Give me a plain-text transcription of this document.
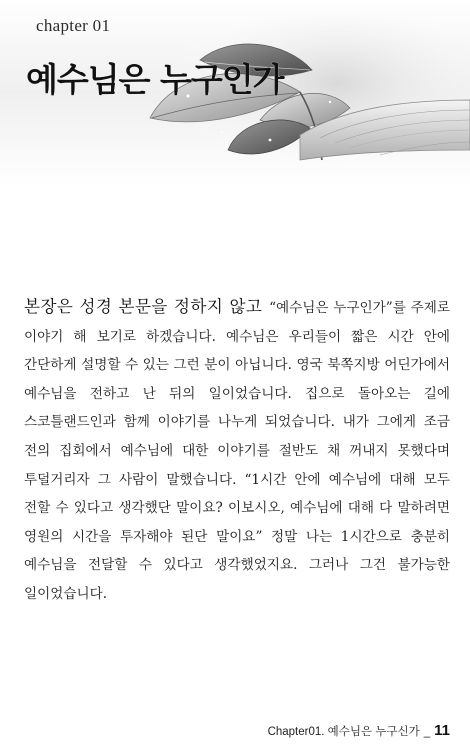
chapter 01
예수님은 누구인가
본장은 성경 본문을 정하지 않고 “예수님은 누구인가”를 주제로 이야기 해 보기로 하겠습니다. 예수님은 우리들이 짧은 시간 안에 간단하게 설명할 수 있는 그런 분이 아닙니다. 영국 북쪽지방 어딘가에서 예수님을 전하고 난 뒤의 일이었습니다. 집으로 돌아오는 길에 스코틀랜드인과 함께 이야기를 나누게 되었습니다. 내가 그에게 조금 전의 집회에서 예수님에 대한 이야기를 절반도 채 꺼내지 못했다며 투덜거리자 그 사람이 말했습니다. “1시간 안에 예수님에 대해 모두 전할 수 있다고 생각했단 말이요? 이보시오, 예수님에 대해 다 말하려면 영원의 시간을 투자해야 된단 말이요” 정말 나는 1시간으로 충분히 예수님을 전달할 수 있다고 생각했었지요. 그러나 그건 불가능한 일이었습니다.
Chapter01. 예수님은 누구신가 _ 11
